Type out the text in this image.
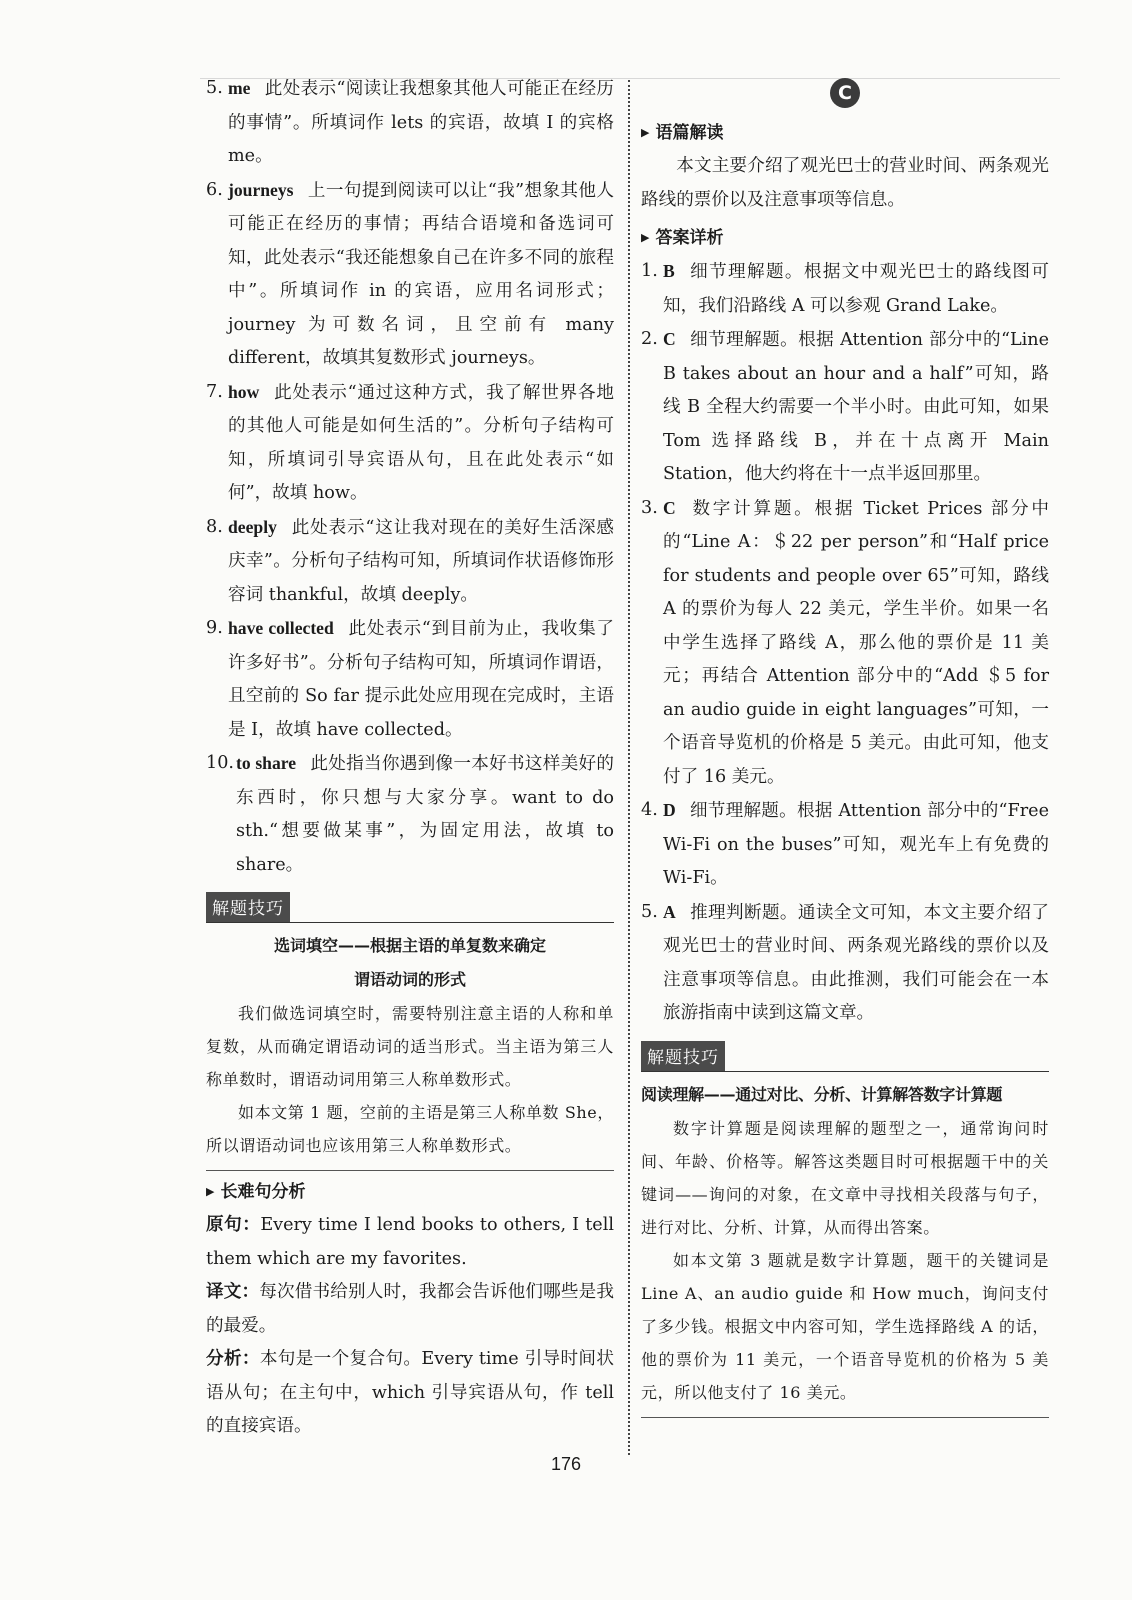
C
5. me 此处表示“阅读让我想象其他人可能正在经历的事情”。所填词作 lets 的宾语，故填 I 的宾格 me。
6. journeys 上一句提到阅读可以让“我”想象其他人可能正在经历的事情；再结合语境和备选词可知，此处表示“我还能想象自己在许多不同的旅程中”。所填词作 in 的宾语，应用名词形式；journey 为可数名词，且空前有 many different，故填其复数形式 journeys。
7. how 此处表示“通过这种方式，我了解世界各地的其他人可能是如何生活的”。分析句子结构可知，所填词引导宾语从句，且在此处表示“如何”，故填 how。
8. deeply 此处表示“这让我对现在的美好生活深感庆幸”。分析句子结构可知，所填词作状语修饰形容词 thankful，故填 deeply。
9. have collected 此处表示“到目前为止，我收集了许多好书”。分析句子结构可知，所填词作谓语，且空前的 So far 提示此处应用现在完成时，主语是 I，故填 have collected。
10. to share 此处指当你遇到像一本好书这样美好的东西时，你只想与大家分享。want to do sth.“想要做某事”，为固定用法，故填 to share。
解题技巧
选词填空——根据主语的单复数来确定
谓语动词的形式
我们做选词填空时，需要特别注意主语的人称和单复数，从而确定谓语动词的适当形式。当主语为第三人称单数时，谓语动词用第三人称单数形式。
如本文第 1 题，空前的主语是第三人称单数 She，所以谓语动词也应该用第三人称单数形式。
▶ 长难句分析
原句：Every time I lend books to others, I tell them which are my favorites.
译文：每次借书给别人时，我都会告诉他们哪些是我的最爱。
分析：本句是一个复合句。Every time 引导时间状语从句；在主句中，which 引导宾语从句，作 tell 的直接宾语。
▶ 语篇解读
本文主要介绍了观光巴士的营业时间、两条观光路线的票价以及注意事项等信息。
▶ 答案详析
1. B 细节理解题。根据文中观光巴士的路线图可知，我们沿路线 A 可以参观 Grand Lake。
2. C 细节理解题。根据 Attention 部分中的“Line B takes about an hour and a half”可知，路线 B 全程大约需要一个半小时。由此可知，如果 Tom 选择路线 B，并在十点离开 Main Station，他大约将在十一点半返回那里。
3. C 数字计算题。根据 Ticket Prices 部分中的“Line A：＄22 per person”和“Half price for students and people over 65”可知，路线 A 的票价为每人 22 美元，学生半价。如果一名中学生选择了路线 A，那么他的票价是 11 美元；再结合 Attention 部分中的“Add ＄5 for an audio guide in eight languages”可知，一个语音导览机的价格是 5 美元。由此可知，他支付了 16 美元。
4. D 细节理解题。根据 Attention 部分中的“Free Wi-Fi on the buses”可知，观光车上有免费的 Wi-Fi。
5. A 推理判断题。通读全文可知，本文主要介绍了观光巴士的营业时间、两条观光路线的票价以及注意事项等信息。由此推测，我们可能会在一本旅游指南中读到这篇文章。
解题技巧
阅读理解——通过对比、分析、计算解答数字计算题
数字计算题是阅读理解的题型之一，通常询问时间、年龄、价格等。解答这类题目时可根据题干中的关键词——询问的对象，在文章中寻找相关段落与句子，进行对比、分析、计算，从而得出答案。
如本文第 3 题就是数字计算题，题干的关键词是 Line A、an audio guide 和 How much，询问支付了多少钱。根据文中内容可知，学生选择路线 A 的话，他的票价为 11 美元，一个语音导览机的价格为 5 美元，所以他支付了 16 美元。
176
